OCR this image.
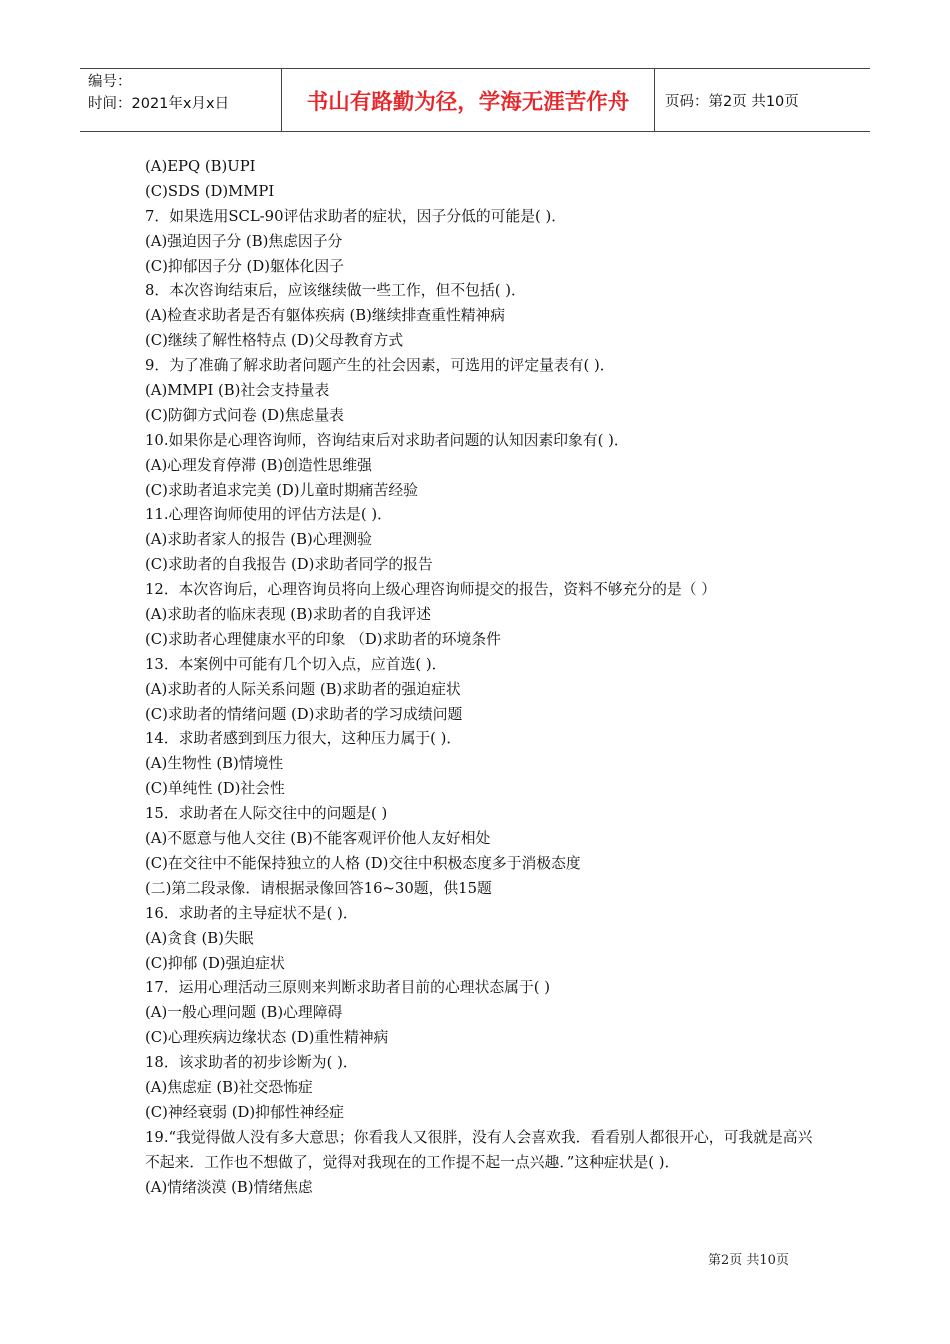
编号：
时间：2021年x月x日	书山有路勤为径，学海无涯苦作舟	页码：第2页 共10页
(A)EPQ (B)UPI
(C)SDS (D)MMPI
7．如果选用SCL-90评估求助者的症状，因子分低的可能是( )．
(A)强迫因子分 (B)焦虑因子分
(C)抑郁因子分 (D)躯体化因子
8．本次咨询结束后，应该继续做一些工作，但不包括( )．
(A)检查求助者是否有躯体疾病 (B)继续排查重性精神病
(C)继续了解性格特点 (D)父母教育方式
9．为了准确了解求助者问题产生的社会因素，可选用的评定量表有( )．
(A)MMPI (B)社会支持量表
(C)防御方式问卷 (D)焦虑量表
10.如果你是心理咨询师，咨询结束后对求助者问题的认知因素印象有( )．
(A)心理发育停滞 (B)创造性思维强
(C)求助者追求完美 (D)儿童时期痛苦经验
11.心理咨询师使用的评估方法是( )．
(A)求助者家人的报告 (B)心理测验
(C)求助者的自我报告 (D)求助者同学的报告
12．本次咨询后，心理咨询员将向上级心理咨询师提交的报告，资料不够充分的是（ ）
(A)求助者的临床表现 (B)求助者的自我评述
(C)求助者心理健康水平的印象 （D)求助者的环境条件
13．本案例中可能有几个切入点，应首选( )．
(A)求助者的人际关系问题 (B)求助者的强迫症状
(C)求助者的情绪问题 (D)求助者的学习成绩问题
14．求助者感到到压力很大，这种压力属于( )．
(A)生物性 (B)情境性
(C)单纯性 (D)社会性
15．求助者在人际交往中的问题是( )
(A)不愿意与他人交往 (B)不能客观评价他人友好相处
(C)在交往中不能保持独立的人格 (D)交往中积极态度多于消极态度
(二)第二段录像．请根据录像回答16~30题，供15题
16．求助者的主导症状不是( )．
(A)贪食 (B)失眠
(C)抑郁 (D)强迫症状
17．运用心理活动三原则来判断求助者目前的心理状态属于( )
(A)一般心理问题 (B)心理障碍
(C)心理疾病边缘状态 (D)重性精神病
18．该求助者的初步诊断为( )．
(A)焦虑症 (B)社交恐怖症
(C)神经衰弱 (D)抑郁性神经症
19.“我觉得做人没有多大意思；你看我人又很胖，没有人会喜欢我．看看别人都很开心，可我就是高兴不起来．工作也不想做了，觉得对我现在的工作提不起一点兴趣．”这种症状是( )．
(A)情绪淡漠 (B)情绪焦虑
第2页 共10页
